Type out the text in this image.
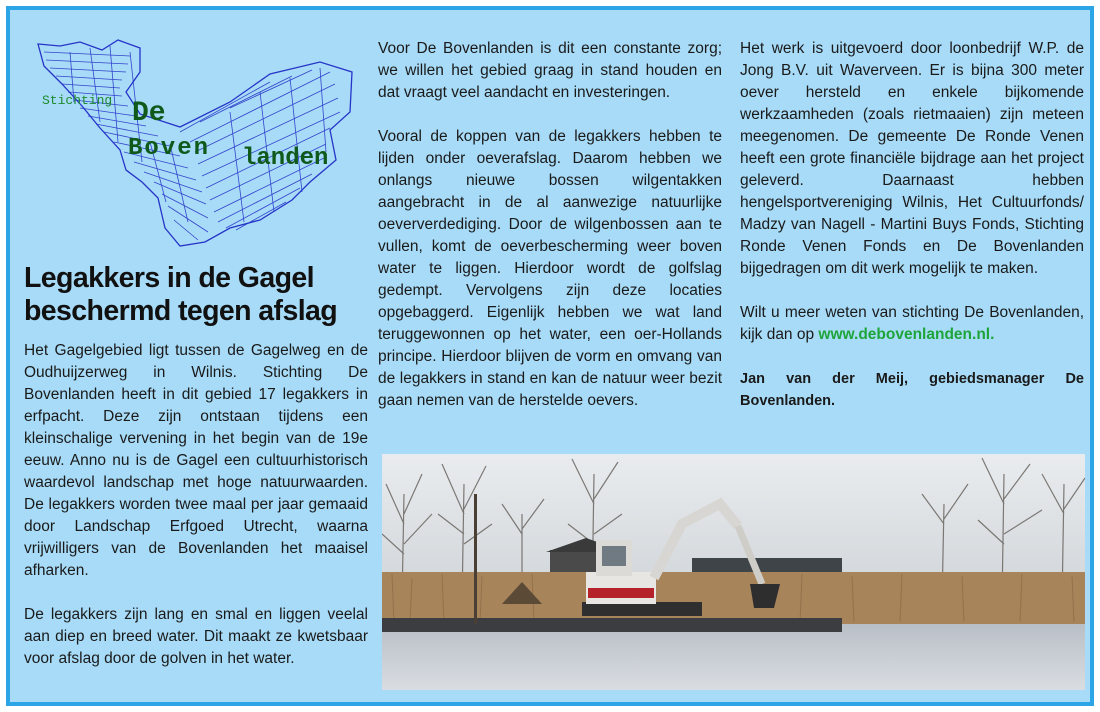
Stichting De
Boven landen
Legakkers in de Gagel
beschermd tegen afslag

Het Gagelgebied ligt tussen de Gagelweg en de Oudhuijzerweg in Wilnis. Stichting De Bovenlanden heeft in dit gebied 17 legakkers in erfpacht. Deze zijn ontstaan tijdens een kleinschalige vervening in het begin van de 19e eeuw. Anno nu is de Gagel een cultuurhistorisch waardevol landschap met hoge natuurwaarden. De legakkers worden twee maal per jaar gemaaid door Landschap Erfgoed Utrecht, waarna vrijwilligers van de Bovenlanden het maaisel afharken.

De legakkers zijn lang en smal en liggen veelal aan diep en breed water. Dit maakt ze kwetsbaar voor afslag door de golven in het water.

Voor De Bovenlanden is dit een constante zorg; we willen het gebied graag in stand houden en dat vraagt veel aandacht en investeringen.

Vooral de koppen van de legakkers hebben te lijden onder oeverafslag. Daarom hebben we onlangs nieuwe bossen wilgentakken aangebracht in de al aanwezige natuurlijke oeververdediging. Door de wilgenbossen aan te vullen, komt de oeverbescherming weer boven water te liggen. Hierdoor wordt de golfslag gedempt. Vervolgens zijn deze locaties opgebaggerd. Eigenlijk hebben we wat land teruggewonnen op het water, een oer-Hollands principe. Hierdoor blijven de vorm en omvang van de legakkers in stand en kan de natuur weer bezit gaan nemen van de herstelde oevers.

Het werk is uitgevoerd door loonbedrijf W.P. de Jong B.V. uit Waverveen. Er is bijna 300 meter oever hersteld en enkele bijkomende werkzaamheden (zoals rietmaaien) zijn meteen meegenomen. De gemeente De Ronde Venen heeft een grote financiële bijdrage aan het project geleverd. Daarnaast hebben hengelsportvereniging Wilnis, Het Cultuurfonds/ Madzy van Nagell - Martini Buys Fonds, Stichting Ronde Venen Fonds en De Bovenlanden bijgedragen om dit werk mogelijk te maken.

Wilt u meer weten van stichting De Bovenlanden, kijk dan op www.debovenlanden.nl.

Jan van der Meij, gebiedsmanager De Bovenlanden.
